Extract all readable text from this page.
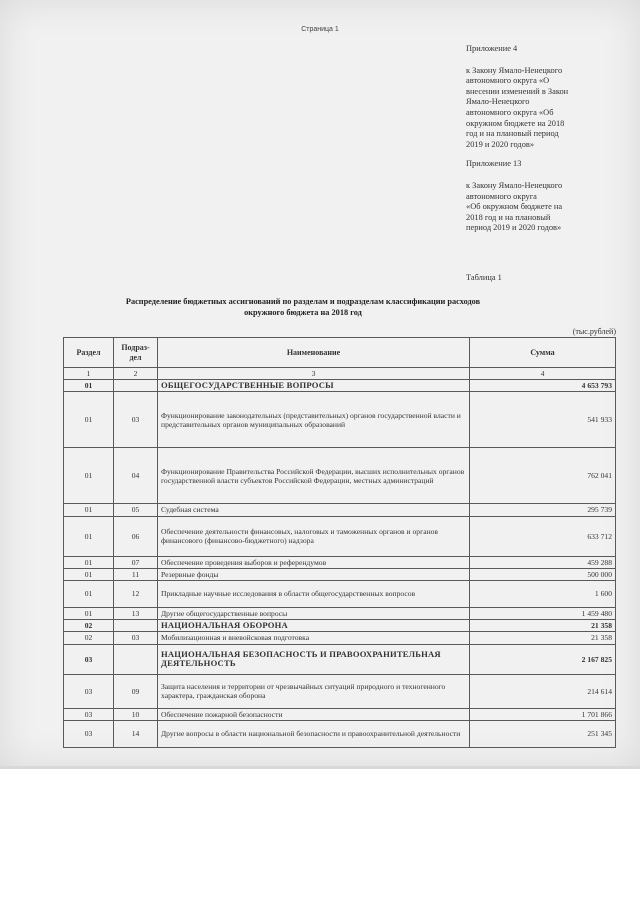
Страница 1

Приложение 4

к Закону Ямало-Ненецкого

автономного округа «О

внесении изменений в Закон

Ямало-Ненецкого

автономного округа «Об

окружном бюджете на 2018

год и на плановый период

2019 и 2020 годов»

Приложение 13

к Закону Ямало-Ненецкого

автономного округа

«Об окружном бюджете на

2018 год и на плановый

период 2019 и 2020 годов»

Таблица 1
Распределение бюджетных ассигнований по разделам и подразделам классификации расходов
окружного бюджета на 2018 год
(тыс.рублей)
Раздел	Подраз-дел	Наименование	Сумма
1	2	3	4
01		ОБЩЕГОСУДАРСТВЕННЫЕ ВОПРОСЫ	4 653 793
01	03	Функционирование законодательных (представительных) органов государственной власти и представительных органов муниципальных образований	541 933
01	04	Функционирование Правительства Российской Федерации, высших исполнительных органов государственной власти субъектов Российской Федерации, местных администраций	762 041
01	05	Судебная система	295 739
01	06	Обеспечение деятельности финансовых, налоговых и таможенных органов и органов финансового (финансово-бюджетного) надзора	633 712
01	07	Обеспечение проведения выборов и референдумов	459 288
01	11	Резервные фонды	500 000
01	12	Прикладные научные исследования в области общегосударственных вопросов	1 600
01	13	Другие общегосударственные вопросы	1 459 480
02		НАЦИОНАЛЬНАЯ ОБОРОНА	21 358
02	03	Мобилизационная и вневойсковая подготовка	21 358
03		НАЦИОНАЛЬНАЯ БЕЗОПАСНОСТЬ И ПРАВООХРАНИТЕЛЬНАЯ ДЕЯТЕЛЬНОСТЬ	2 167 825
03	09	Защита населения и территории от чрезвычайных ситуаций природного и техногенного характера, гражданская оборона	214 614
03	10	Обеспечение пожарной безопасности	1 701 866
03	14	Другие вопросы в области национальной безопасности и правоохранительной деятельности	251 345
